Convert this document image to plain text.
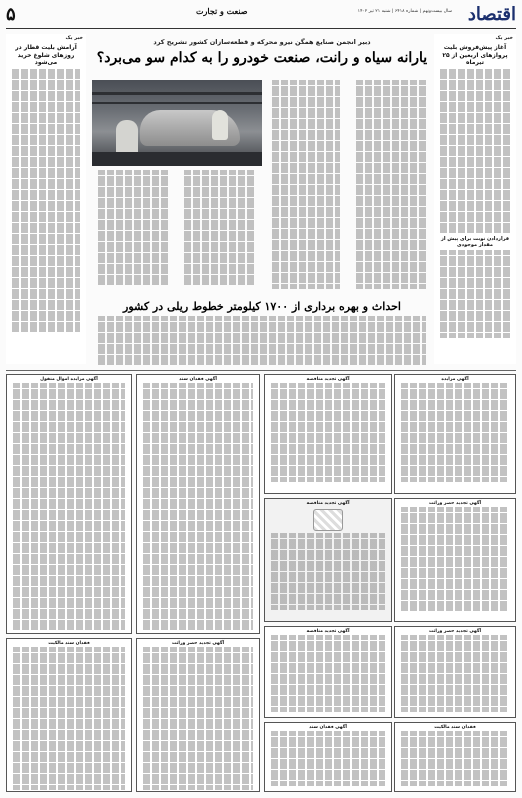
اقتصاد
سال بیست‌ونهم | شماره ۶۴۱۸ | شنبه ۲۱ تیر ۱۴۰۲
صنعت و تجارت
۵
خبر یک
آغاز پیش‌فروش بلیت پروازهای اربعین از ۲۵ تیرماه
قراردادن نوبت برای پیش از مقدار موجودی
خبر یک
آرامش بلیت قطار در روزهای شلوغ خرید می‌شود
دبیر انجمن صنایع همگن نیرو محرکه و قطعه‌سازان کشور تشریح کرد
یارانه سیاه و رانت، صنعت خودرو را به کدام سو می‌برد؟
احداث و بهره برداری از ۱۷۰۰ کیلومتر خطوط ریلی در کشور
آگهی مزایده
آگهی تجدید مناقصه
آگهی فقدان سند
آگهی مزایده اموال منقول
آگهی تجدید حصر وراثت
آگهی تجدید مناقصه
آگهی تجدید حصر وراثت
آگهی تجدید مناقصه
آگهی تجدید حصر وراثت
فقدان سند مالکیت
فقدان سند مالکیت
آگهی فقدان سند
